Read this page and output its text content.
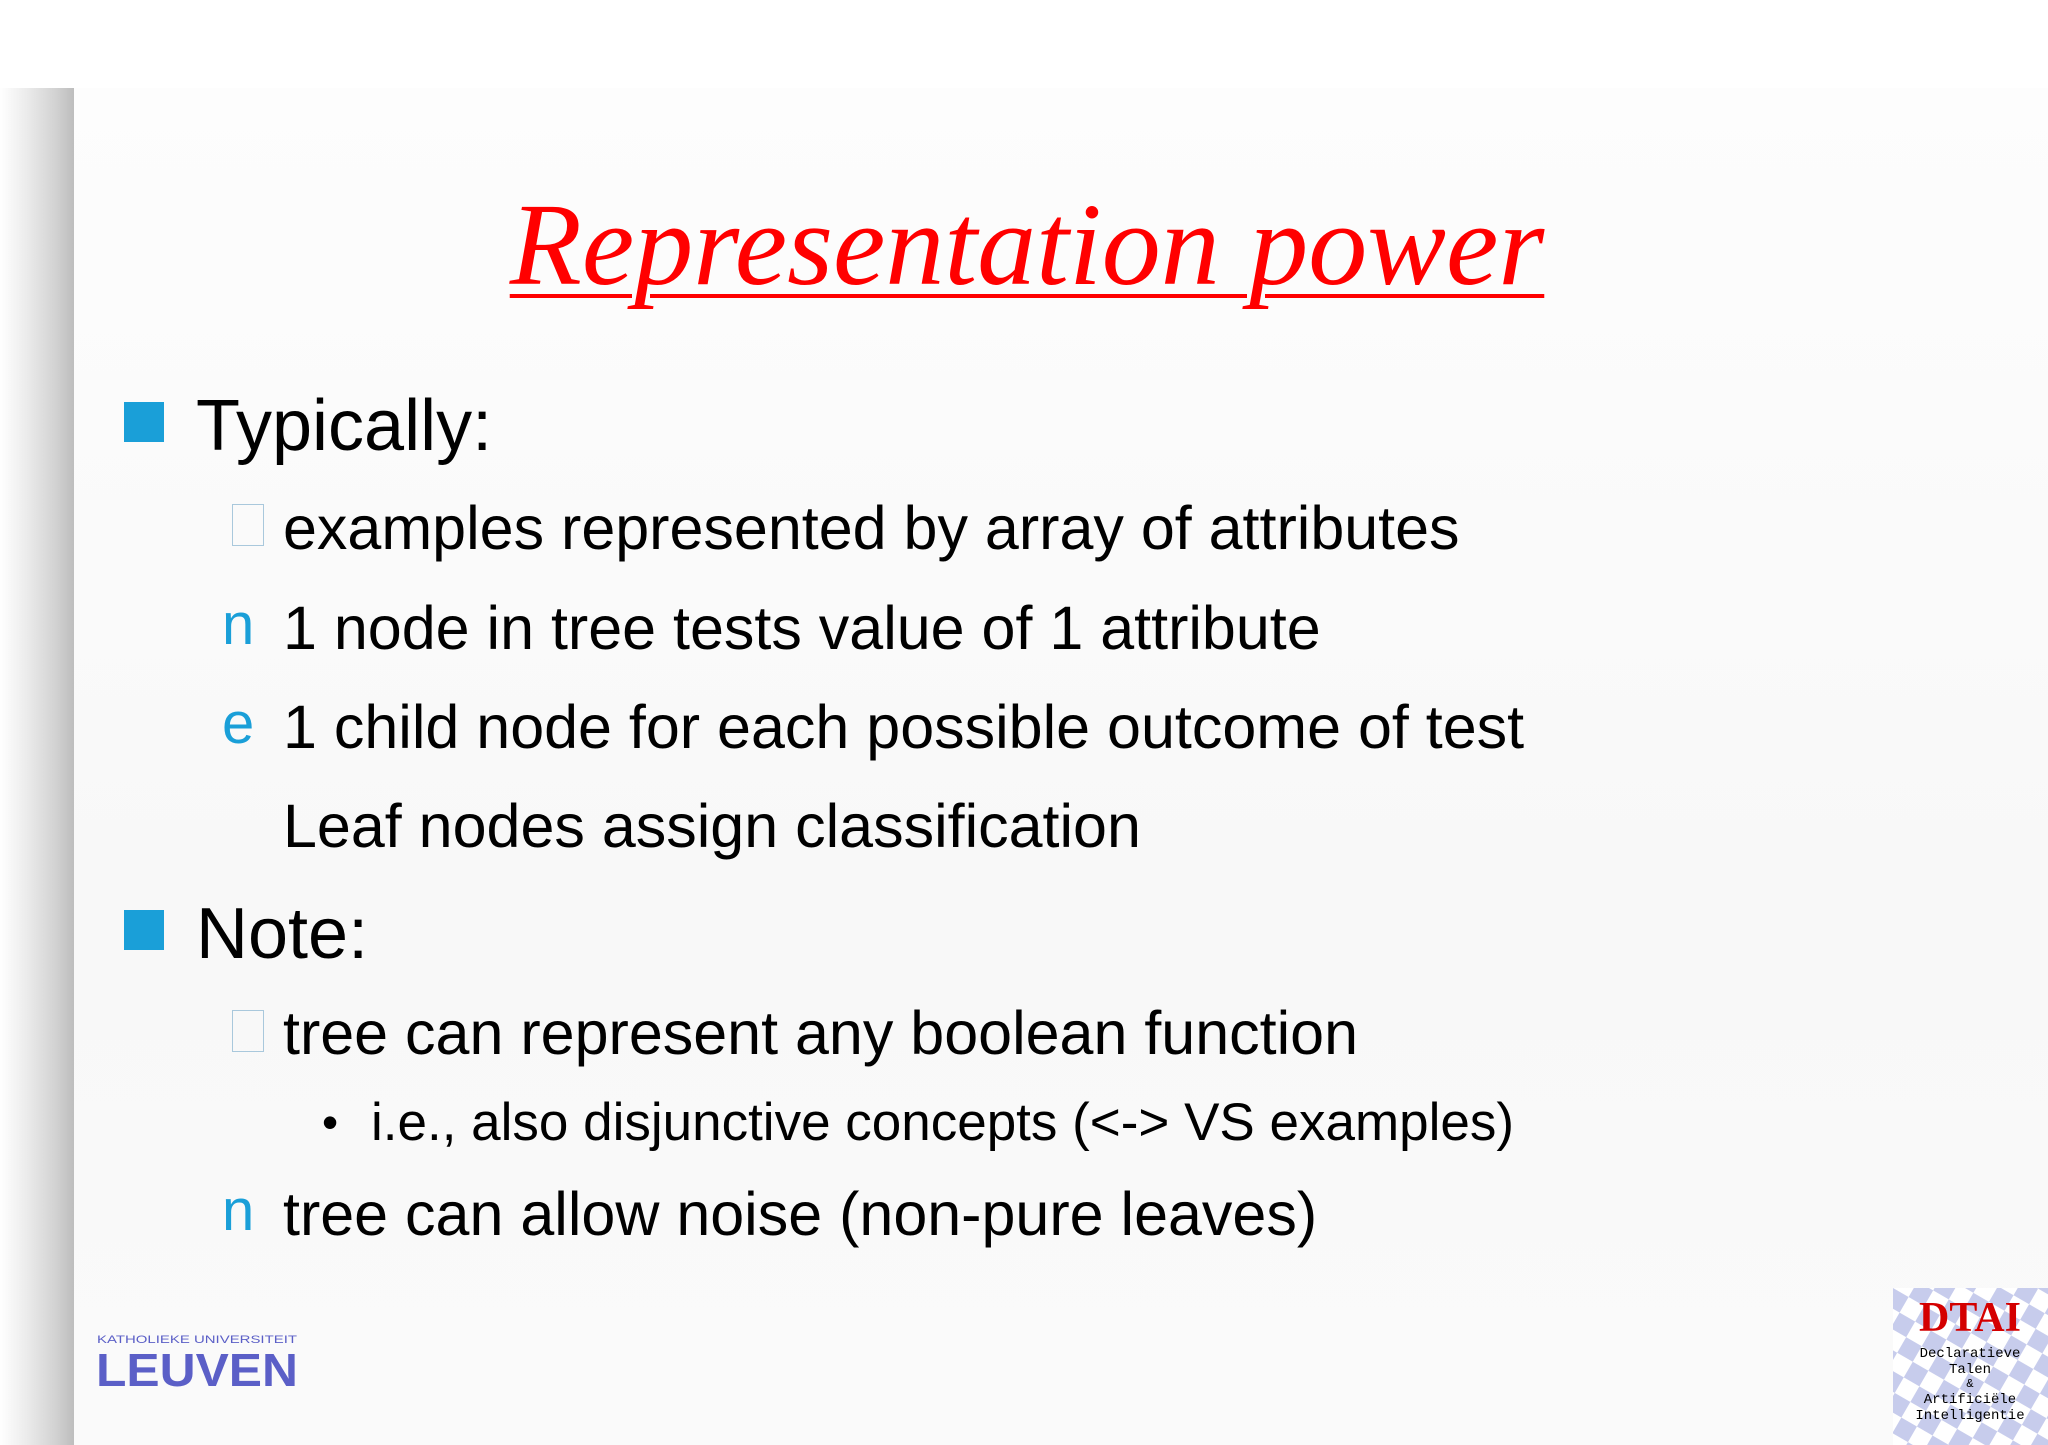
Representation power
Typically:
examples represented by array of attributes
n 1 node in tree tests value of 1 attribute
e 1 child node for each possible outcome of test
Leaf nodes assign classification
Note:
tree can represent any boolean function
• i.e., also disjunctive concepts (<-> VS examples)
n tree can allow noise (non-pure leaves)
KATHOLIEKE UNIVERSITEIT
LEUVEN
DTAI
Declaratieve
Talen
&
Artificiële
Intelligentie
